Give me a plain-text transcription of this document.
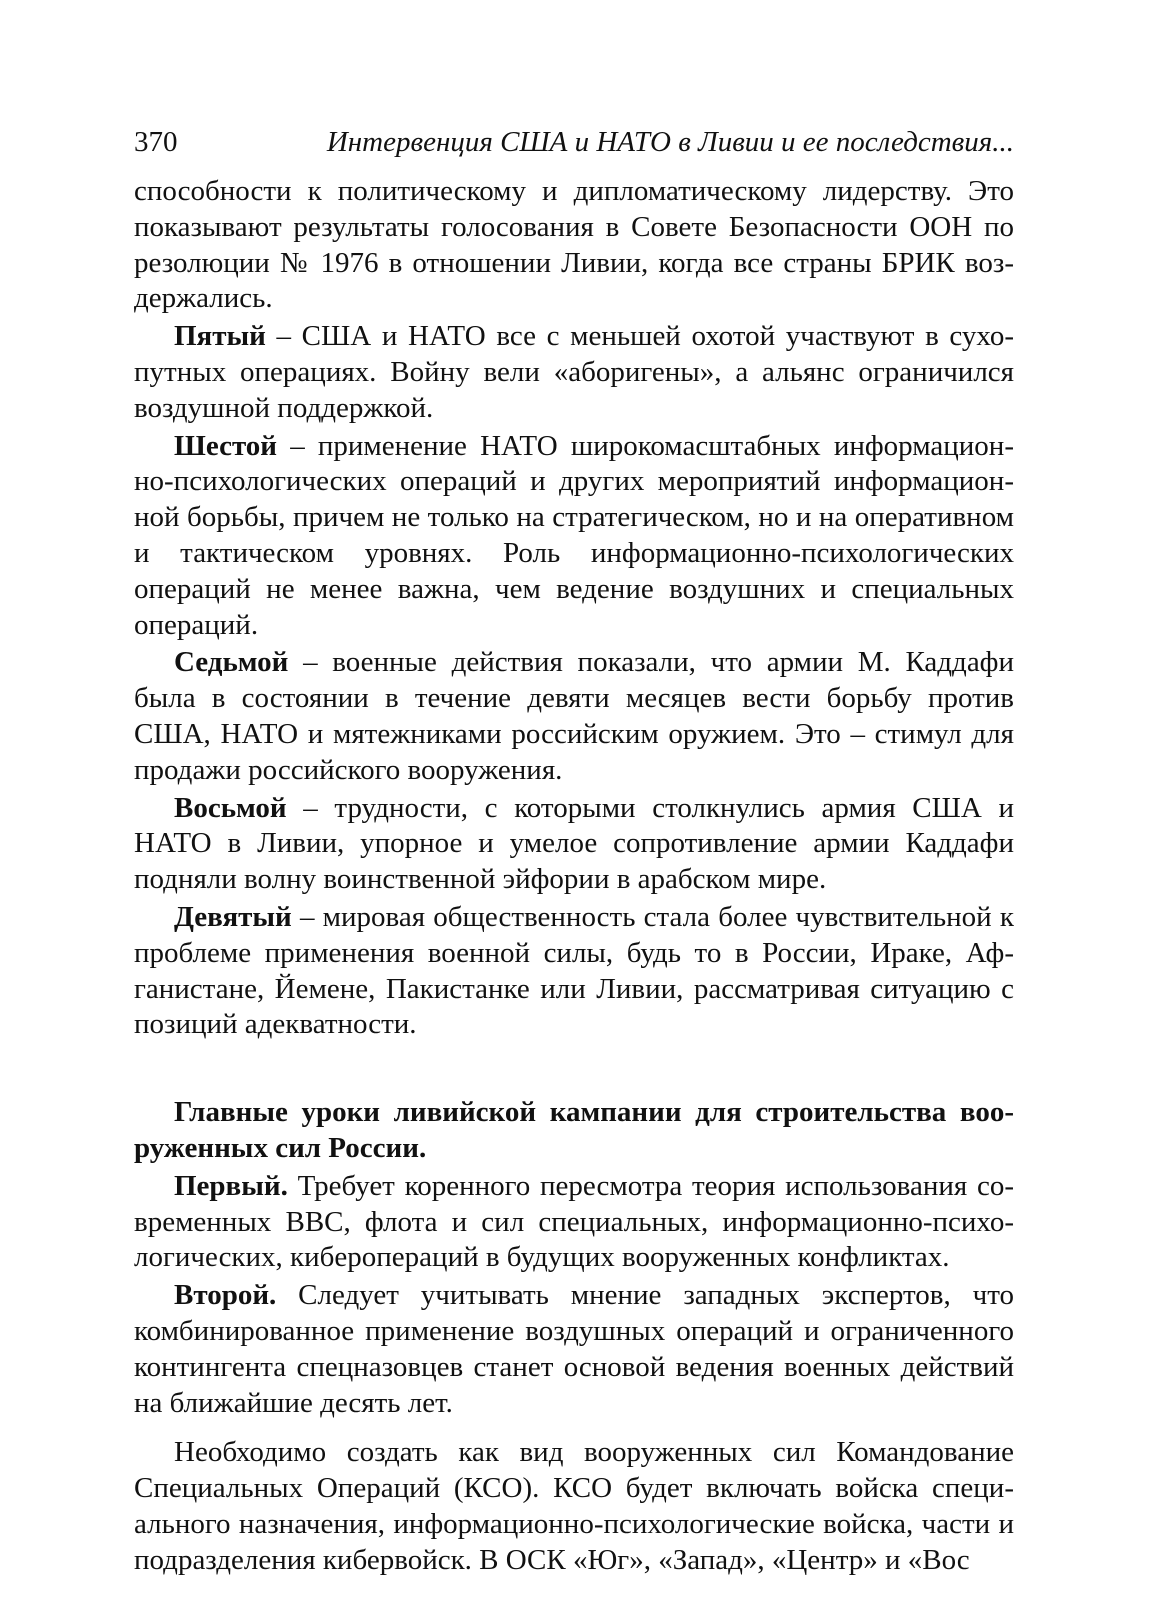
370	Интервенция США и НАТО в Ливии и ее последствия...

способности к политическому и дипломатическому лидерству. Это показывают результаты голосования в Совете Безопасности ООН по резолюции № 1976 в отношении Ливии, когда все страны БРИК воздержались.

Пятый – США и НАТО все с меньшей охотой участвуют в сухопутных операциях. Войну вели «аборигены», а альянс ограничился воздушной поддержкой.

Шестой – применение НАТО широкомасштабных информационно-психологических операций и других мероприятий информационной борьбы, причем не только на стратегическом, но и на оперативном и тактическом уровнях. Роль информационно-психологических операций не менее важна, чем ведение воздушних и специальных операций.

Седьмой – военные действия показали, что армии М. Каддафи была в состоянии в течение девяти месяцев вести борьбу против США, НАТО и мятежниками российским оружием. Это – стимул для продажи российского вооружения.

Восьмой – трудности, с которыми столкнулись армия США и НАТО в Ливии, упорное и умелое сопротивление армии Каддафи подняли волну воинственной эйфории в арабском мире.

Девятый – мировая общественность стала более чувствительной к проблеме применения военной силы, будь то в России, Ираке, Афганистане, Йемене, Пакистанке или Ливии, рассматривая ситуацию с позиций адекватности.

Главные уроки ливийской кампании для строительства вооруженных сил России.

Первый. Требует коренного пересмотра теория использования современных ВВС, флота и сил специальных, информационно-психологических, кибeропераций в будущих вооруженных конфликтах.

Второй. Следует учитывать мнение западных экспертов, что комбинированное применение воздушных операций и ограниченного контингента спецназовцев станет основой ведения военных действий на ближайшие десять лет.

Необходимо создать как вид вооруженных сил Командование Специальных Операций (КСО). КСО будет включать войска специального назначения, информационно-психологические войска, части и подразделения кибервойск. В ОСК «Юг», «Запад», «Центр» и «Вос
